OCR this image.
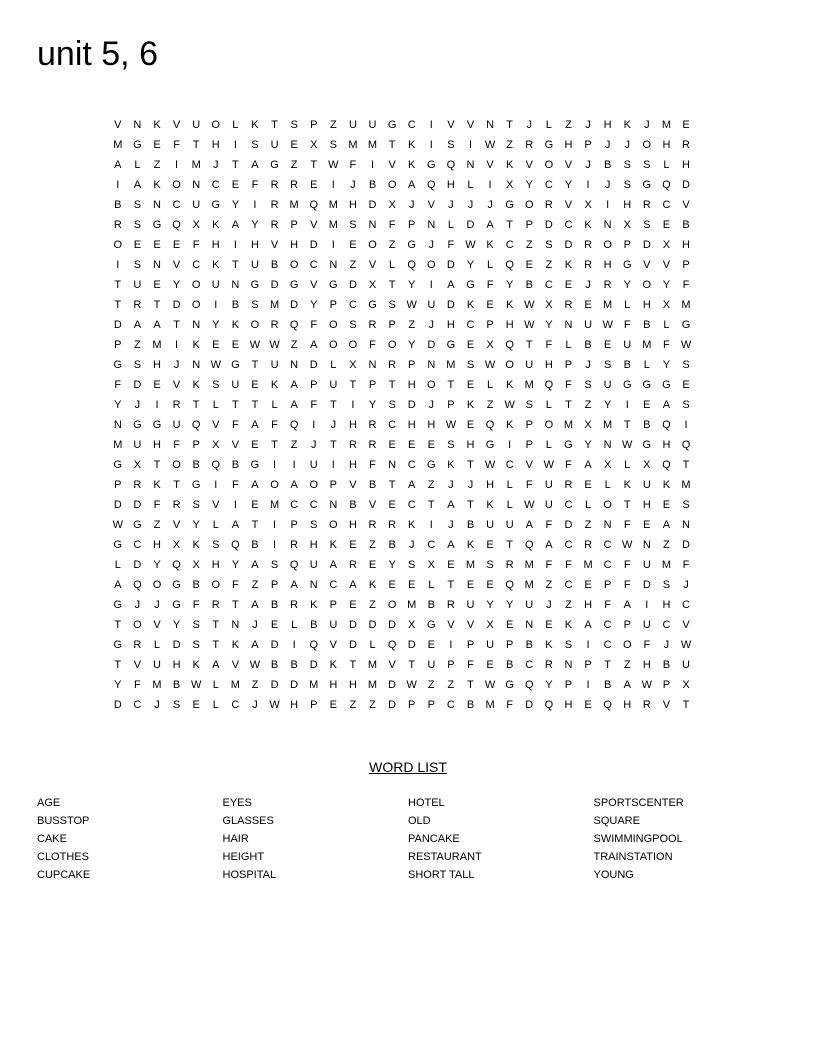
unit 5, 6
V	N	K	V	U	O	L	K	T	S	P	Z	U	U	G	C	I	V	V	N	T	J	L	Z	J	H	K	J	M	E
M G	E	F	T	H	I	S	U	E	X	S	M M	T	K	I	S	I	W	Z	R	G	H	P	J	J	O	H	R
A	L	Z	I	M	J	T	A	G	Z	T	W	F	I	V	K	G	Q	N	V	K	V	O	V	J	B	S	S	L	H
I	A	K	O	N	C	E	F	R	R	E	I	J	B	O	A	Q	H	L	I	X	Y	C	Y	I	J	S	G	Q	D
B	S	N	C	U	G	Y	I	R	M Q M	H	D	X	J	V	J	J	J	G	O	R	V	X	I	H	R	C	V
R	S	G	Q	X	K	A	Y	R	P	V	M	S	N	F	P	N	L	D	A	T	P	D	C	K	N	X	S	E	B
O	E	E	E	F	H	I	H	V	H	D	I	E	O	Z	G	J	F	W K	C	Z	S	D	R	O	P	D	X	H
I	S	N	V	C	K	T	U	B	O	C	N	Z	V	L	Q	O	D	Y	L	Q	E	Z	K	R	H	G	V	V	P
T	U	E	Y	O	U	N	G	D	G	V	G	D	X	T	Y	I	A	G	F	Y	B	C	E	J	R	Y	O	Y	F
T	R	T	D	O	I	B	S	M	D	Y	P	C	G	S W U	D	K	E	K W X	R	E	M	L	H	X	M
D	A	A	T	N	Y	K	O	R	Q	F	O	S	R	P	Z	J	H	C	P	H W Y	N	U W	F	B	L	G
P	Z	M	I	K	E	E W W	Z	A	O	O	F	O	Y	D	G	E	X	Q	T	F	L	B	E	U	M	F	W
G	S	H	J	N W G	T	U	N	D	L	X	N	R	P	N	M	S W O	U	H	P	J	S	B	L	Y	S
F	D	E	V	K	S	U	E	K	A	P	U	T	P	T	H	O	T	E	L	K	M Q	F	S	U	G	G	G	E
Y	J	I	R	T	L	T	T	L	A	F	T	I	Y	S	D	J	P	K	Z	W S	L	T	Z	Y	I	E	A	S
N	G	G	U	Q	V	F	A	F	Q	I	J	H	R	C	H	H W E	Q	K	P	O M	X	M	T	B	Q	I
M	U	H	F	P	X	V	E	T	Z	J	T	R	R	E	E	E	S	H	G	I	P	L	G	Y	N W G	H	Q
G	X	T	O	B	Q	B	G	I	I	U	I	H	F	N	C	G	K	T	W C	V W	F	A	X	L	X	Q	T
P	R	K	T	G	I	F	A	O	A	O	P	V	B	T	A	Z	J	J	H	L	F	U	R	E	L	K	U	K	M
D	D	F	R	S	V	I	E	M	C	C	N	B	V	E	C	T	A	T	K	L	W U	C	L	O	T	H	E	S
W G	Z	V	Y	L	A	T	I	P	S	O	H	R	R	K	I	J	B	U	U	A	F	D	Z	N	F	E	A	N
G	C	H	X	K	S	Q	B	I	R	H	K	E	Z	B	J	C	A	K	E	T	Q	A	C	R	C W N	Z	D
L	D	Y	Q	X	H	Y	A	S	Q	U	A	R	E	Y	S	X	E	M	S	R	M	F	F	M	C	F	U	M	F
A	Q	O	G	B	O	F	Z	P	A	N	C	A	K	E	E	L	T	E	E	Q M	Z	C	E	P	F	D	S	J
G	J	J	G	F	R	T	A	B	R	K	P	E	Z	O M	B	R	U	Y	Y	U	J	Z	H	F	A	I	H	C
T	O	V	Y	S	T	N	J	E	L	B	U	D	D	D	X	G	V	V	X	E	N	E	K	A	C	P	U	C	V
G	R	L	D	S	T	K	A	D	I	Q	V	D	L	Q	D	E	I	P	U	P	B	K	S	I	C	O	F	J	W
T	V	U	H	K	A	V W B	B	D	K	T	M	V	T	U	P	F	E	B	C	R	N	P	T	Z	H	B	U
Y	F	M	B W	L	M	Z	D	D	M	H	H	M	D W	Z	Z	T	W G	Q	Y	P	I	B	A W P	X
D	C	J	S	E	L	C	J	W H	P	E	Z	Z	D	P	P	C	B	M	F	D	Q	H	E	Q	H	R	V	T
WORD LIST
AGE
BUSSTOP
CAKE
CLOTHES
CUPCAKE
EYES
GLASSES
HAIR
HEIGHT
HOSPITAL
HOTEL
OLD
PANCAKE
RESTAURANT
SHORT TALL
SPORTSCENTER
SQUARE
SWIMMINGPOOL
TRAINSTATION
YOUNG
